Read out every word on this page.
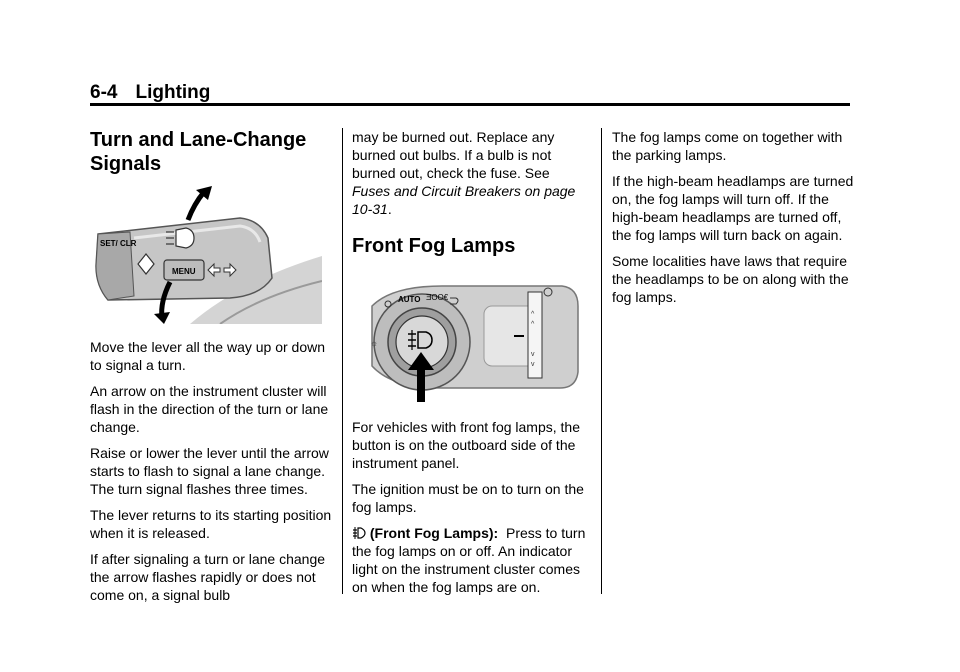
6-4 Lighting
Turn and Lane-Change Signals
SET/ CLR
MENU

Move the lever all the way up or down to signal a turn.

An arrow on the instrument cluster will flash in the direction of the turn or lane change.

Raise or lower the lever until the arrow starts to flash to signal a lane change. The turn signal flashes three times.

The lever returns to its starting position when it is released.

If after signaling a turn or lane change the arrow flashes rapidly or does not come on, a signal bulb

may be burned out. Replace any burned out bulbs. If a bulb is not burned out, check the fuse. See
Fuses and Circuit Breakers on page 10-31.

Front Fog Lamps
^
^
v
v
AUTO ƎOO€
☼

For vehicles with front fog lamps, the button is on the outboard side of the instrument panel.

The ignition must be on to turn on the fog lamps.

(Front Fog Lamps): Press to turn the fog lamps on or off. An indicator light on the instrument cluster comes on when the fog lamps are on.

The fog lamps come on together with the parking lamps.

If the high-beam headlamps are turned on, the fog lamps will turn off. If the high-beam headlamps are turned off, the fog lamps will turn back on again.

Some localities have laws that require the headlamps to be on along with the fog lamps.
